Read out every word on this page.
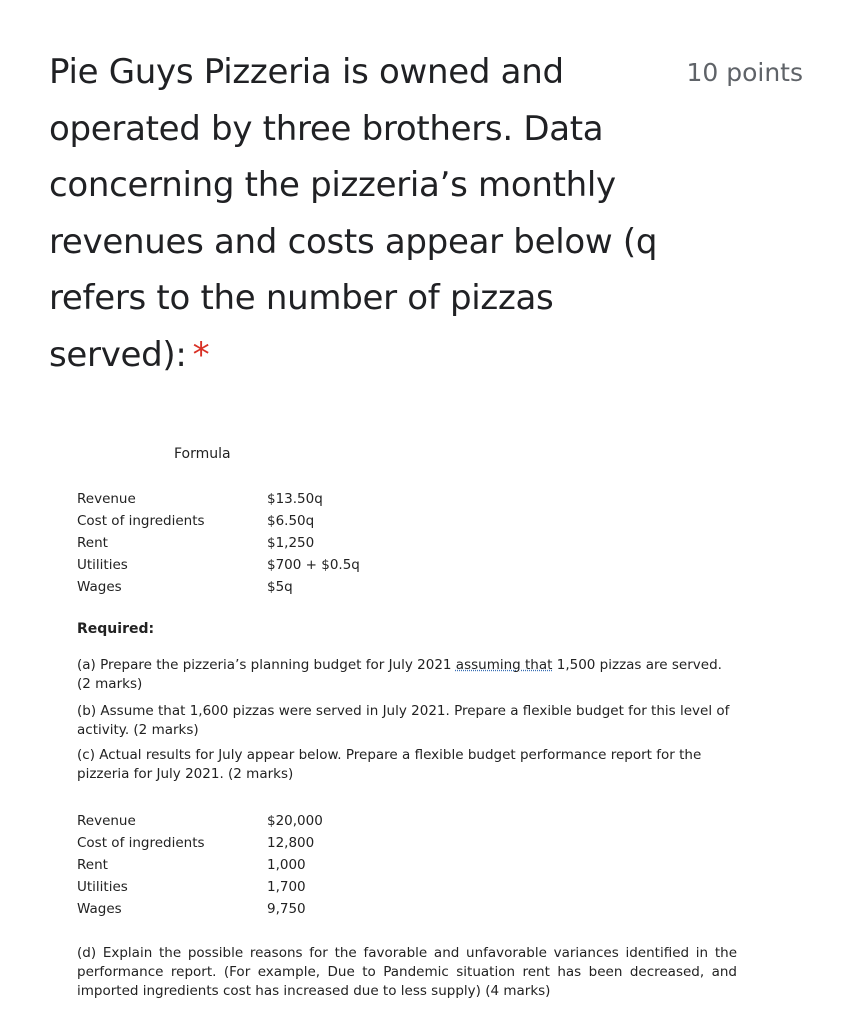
Pie Guys Pizzeria is owned and operated by three brothers. Data concerning the pizzeria’s monthly revenues and costs appear below (q refers to the number of pizzas served): *
10 points
Formula
Revenue	$13.50q
Cost of ingredients	$6.50q
Rent	$1,250
Utilities	$700 + $0.5q
Wages	$5q
Required:
(a) Prepare the pizzeria’s planning budget for July 2021 assuming that 1,500 pizzas are served. (2 marks)
(b) Assume that 1,600 pizzas were served in July 2021. Prepare a flexible budget for this level of activity. (2 marks)
(c) Actual results for July appear below. Prepare a flexible budget performance report for the pizzeria for July 2021. (2 marks)
Revenue	$20,000
Cost of ingredients	12,800
Rent	1,000
Utilities	1,700
Wages	9,750
(d) Explain the possible reasons for the favorable and unfavorable variances identified in the performance report. (For example, Due to Pandemic situation rent has been decreased, and imported ingredients cost has increased due to less supply) (4 marks)
